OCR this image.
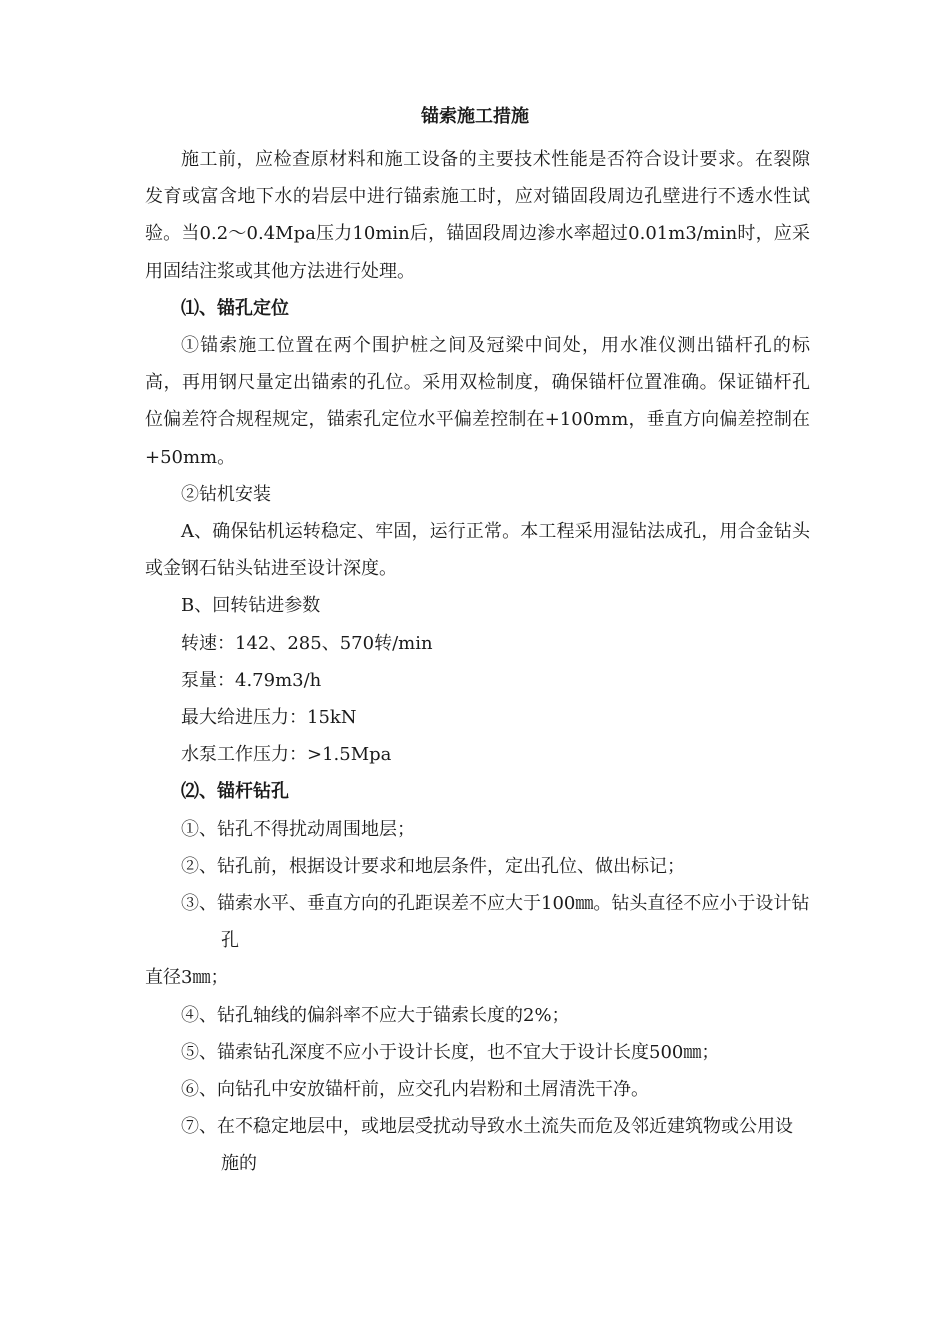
锚索施工措施

施工前，应检查原材料和施工设备的主要技术性能是否符合设计要求。在裂隙发育或富含地下水的岩层中进行锚索施工时，应对锚固段周边孔壁进行不透水性试验。当0.2～0.4Mpa压力10min后，锚固段周边渗水率超过0.01m3/min时，应采用固结注浆或其他方法进行处理。

⑴、锚孔定位

①锚索施工位置在两个围护桩之间及冠梁中间处，用水准仪测出锚杆孔的标高，再用钢尺量定出锚索的孔位。采用双检制度，确保锚杆位置准确。保证锚杆孔位偏差符合规程规定，锚索孔定位水平偏差控制在+100mm，垂直方向偏差控制在+50mm。

②钻机安装

A、确保钻机运转稳定、牢固，运行正常。本工程采用湿钻法成孔，用合金钻头或金钢石钻头钻进至设计深度。

B、回转钻进参数

转速：142、285、570转/min

泵量：4.79m3/h

最大给进压力：15kN

水泵工作压力：>1.5Mpa

⑵、锚杆钻孔

①、钻孔不得扰动周围地层；

②、钻孔前，根据设计要求和地层条件，定出孔位、做出标记；

③、锚索水平、垂直方向的孔距误差不应大于100㎜。钻头直径不应小于设计钻孔

直径3㎜；

④、钻孔轴线的偏斜率不应大于锚索长度的2%；

⑤、锚索钻孔深度不应小于设计长度，也不宜大于设计长度500㎜；

⑥、向钻孔中安放锚杆前，应交孔内岩粉和土屑清洗干净。

⑦、在不稳定地层中，或地层受扰动导致水土流失而危及邻近建筑物或公用设施的
